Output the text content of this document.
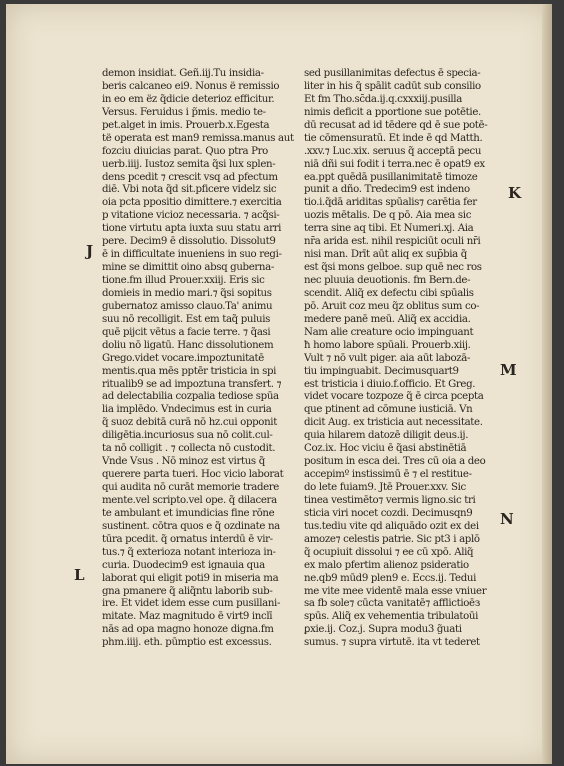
demon insidiat. Geñ.iij.Tu insidia-
beris calcaneo ei9. Nonus ë remissio
in eo em ëz q̃dicie deterioz efficitur.
Versus. Feruidus i p̃mis. medio te-
pet.alget in imis. Prouerb.x.Egesta
të operata est man9 remissa.manus aut̃
fozciu diuicias parat. Quo ptra Pro
uerb.iiij. Iustoz semita q̃si lux splen-
dens pcedit ⁊ crescit vsq ad pfectum
diē. Vbi nota q̃d sit.pficere videlz sic
oia pcta ppositio dimittere.⁊ exercitia
p vitatione vicioz necessaria. ⁊ acq̃si-
tione virtutu apta iuxta suu statu arri
pere. Decim9 ē dissolutio. Dissolut9
ē in difficultate inueniens in suo regi-
mine se dimittit oino absq gubernа-
tione.fm illud Prouer.xxiij. Eris sic
domieis in medio mari.⁊ q̃si sopitus
gubernatoz amisso clauo.Ta' animu
suu nō recolligit. Est em taq̃ puluis
quē pijcit vētus a facie terre. ⁊ q̃asi
doliu nō ligatū. Hanc dissolutionem
Grego.videt vocare.impoztunitatē
mentis.qua mēs pptēr tristicia in spi
ritualib9 se ad impoztuna transfert. ⁊
ad delectabilia cozpalia tediose spūa
lia implēdo. Vndecimus est in curia
q̃ suoz debitā curā nō hz.cui opponit
diligētia.incuriosus sua nō colit.cul-
ta nō colligit . ⁊ collecta nō custodit.
Vnde Vsus . Nō minoz est virtus q̃
querere parta tueri. Hoc vicio laborat
qui audita nō curāt memorie tradere
mente.vel scripto.vel ope. q̃ dilacera
te ambulant et imundicias fine rōne
sustinent. cōtra quos e q̃ ozdinate na
tūra pcedit. q̃ ornatus interdū ē vir-
tus.⁊ q̃ exterioza notant interioza in-
curia. Duodecim9 est ignauia qua
laborat qui eligit poti9 in miseria ma
gna pmanere q̃ aliq̃ntu laborib sub-
ire. Et videt idem esse cum pusillani-
mitate. Maz magnitudo ē virt9 inclī
nās ad opa magno honoze digna.fm
phm.iiij. eth. pūmptio est excessus.
sed pusillanimitas defectus ē specia-
liter in his q̃ spālit cadūt sub consilio
Et fm Tho.sc̄da.ij.q.cxxxiij.pusilla
nimis deficit a pportione sue potētie.
dū recusat ad id tēdere qd ē sue potē-
tie cōmensuratū. Et inde ē qd Matth.
.xxv.⁊ Luc.xix. seruus q̃ acceptā pecu
niā dñi sui fodit i terra.nec ē opat9 ex
ea.ppt quēdā pusillanimitatē timoze
punit a dño. Tredecim9 est indeno
tio.i.q̃dā ariditas spūalis⁊ carētia fer
uozis mētalis. De q pō. Aia mea sic
terra sine aq tibi. Et Numeri.xj. Aia
nr̄a arida est. nihil respiciūt oculi nr̄i
nisi man. Drīt aūt aliq ex sup̄bia q̃
est q̃si mons gelboe. sup quē nec ros
nec pluuia deuotionis. fm Bern.de-
scendit. Aliq̃ ex defectu cibi spūalis
pō. Aruit coz meu q̃z oblitus sum co-
medere panē meū. Aliq̃ ex accidia.
Nam alie creature ocio impinguant̄
ħ homo labore spūali. Prouerb.xiij.
Vult ⁊ nō vult piger. aia aūt labozā-
tiu impinguabit. Decimusquart9
est tristicia i diuio.f.officio. Et Greg.
videt vocare tozpoze q̃ ē circa pcepta
que ptinent ad cōmune iusticiā. Vn
dicit Aug. ex tristicia aut necessitate.
quia hilarem datozē diligit deus.ij.
Coz.ix. Hoc viciu ē q̃asi abstinētiā
positum in esca dei. Tres cū oia a deo
accepimº instissimū ē ⁊ el restitue-
do lete fuiam9. Jtē Prouer.xxv. Sic
tinea vestimēto⁊ vermis ligno.sic tri
sticia viri nocet cozdi. Decimusqn9
tus.tediu vite qd aliquādo ozit ex dei
amoze⁊ celestis patrie. Sic pt3 i aplō
q̃ ocupiuit dissolui ⁊ ee cū xpō. Aliq̃
ex malo pfertim alienoz psideratio
ne.qb9 mūd9 plen9 e. Eccs.ij. Tedui
me vite mee videntē mala esse vniuer
sa fb sole⁊ cūcta vanitatē⁊ afflictioēз
spūs. Aliq̃ ex vehementia tribulatoūi
ꝑxie.ij. Coz.j. Supra modu3 g̃uati
sumus. ⁊ supra virtutē. ita vt tederet
J
L
K
M
N
